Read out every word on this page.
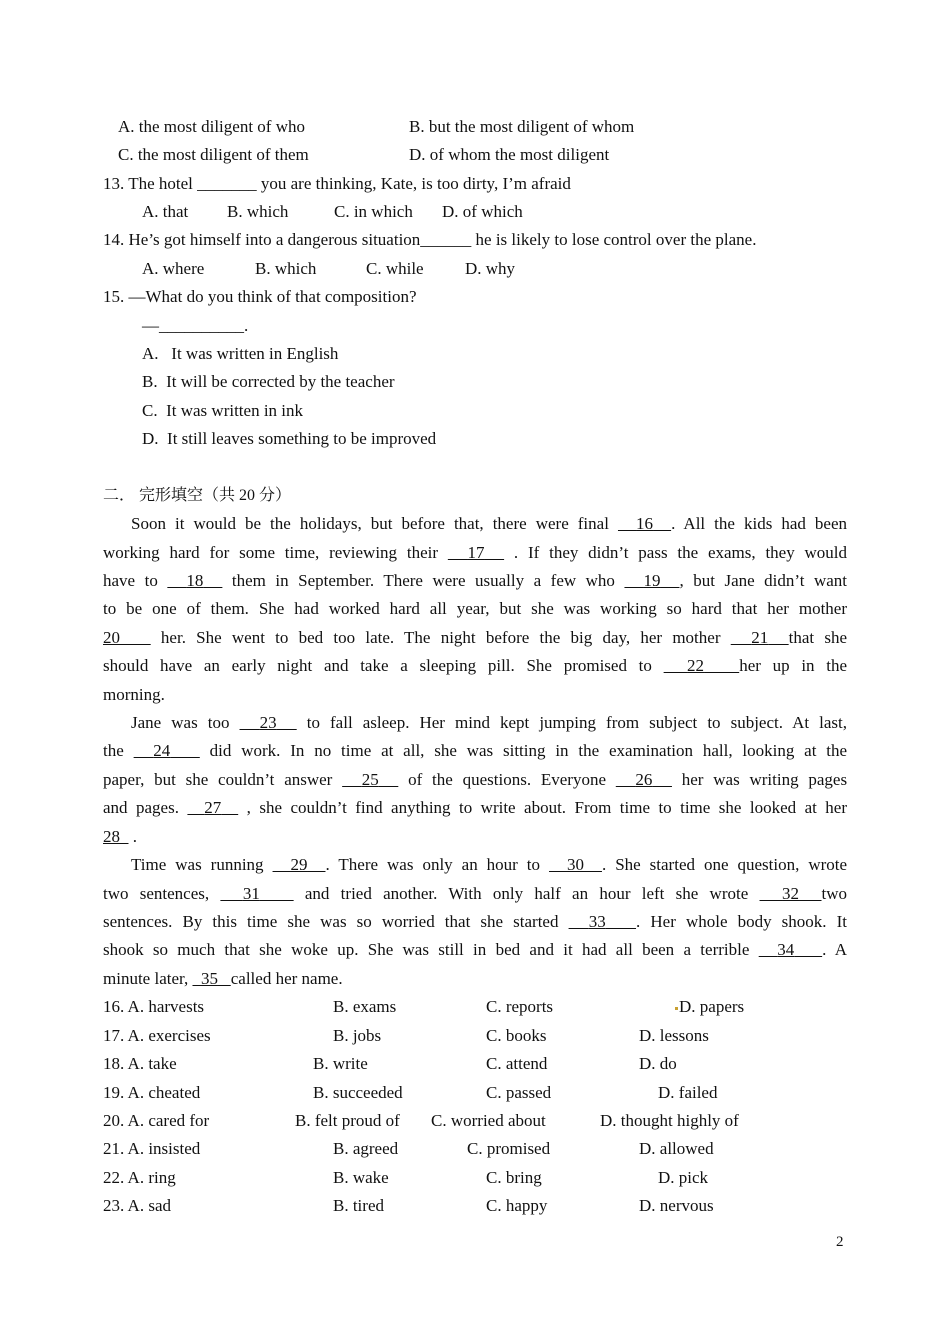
A. the most diligent of who	B. but the most diligent of whom
C. the most diligent of them	D. of whom the most diligent
13. The hotel _______ you are thinking, Kate, is too dirty, I’m afraid
A. that B. which	C. in which D. of which
14. He’s got himself into a dangerous situation______ he is likely to lose control over the plane.
A. where	B. which	C. while D. why
15. —What do you think of that composition?
—__________.
A.   It was written in English
B.  It will be corrected by the teacher
C.  It was written in ink
D.  It still leaves something to be improved
二． 完形填空（共 20 分）
Soon it would be the holidays, but before that, there were final 16 . All the kids had been
working hard for some time, reviewing their 17 . If they didn’t pass the exams, they would
have to 18 them in September. There were usually a few who 19 , but Jane didn’t want
to be one of them. She had worked hard all year, but she was working so hard that her mother
20 her. She went to bed too late. The night before the big day, her mother 21 that she
should have an early night and take a sleeping pill. She promised to 22 her up in the
morning.
Jane was too 23 to fall asleep. Her mind kept jumping from subject to subject. At last,
the 24 did work. In no time at all, she was sitting in the examination hall, looking at the
paper, but she couldn’t answer 25 of the questions. Everyone 26 her was writing pages
and pages. 27 , she couldn’t find anything to write about. From time to time she looked at her
28 .
Time was running 29 . There was only an hour to 30 . She started one question, wrote
two sentences, 31	and tried another. With only half an hour left she wrote 32 two
sentences. By this time she was so worried that she started 33 . Her whole body shook. It
shook so much that she woke up. She was still in bed and it had all been a terrible 34 . A
minute later, 35 called her name.
16. A. harvests	B. exams	C. reports	D. papers
17. A. exercises	B. jobs	C. books	D. lessons
18. A. take	B. write	C. attend	D. do
19. A. cheated	B. succeeded	C. passed	D. failed
20. A. cared for	B. felt proud of C. worried about	D. thought highly of
21. A. insisted	B. agreed	C. promised	D. allowed
22. A. ring	B. wake	C. bring	D. pick
23. A. sad	B. tired	C. happy	D. nervous
2
